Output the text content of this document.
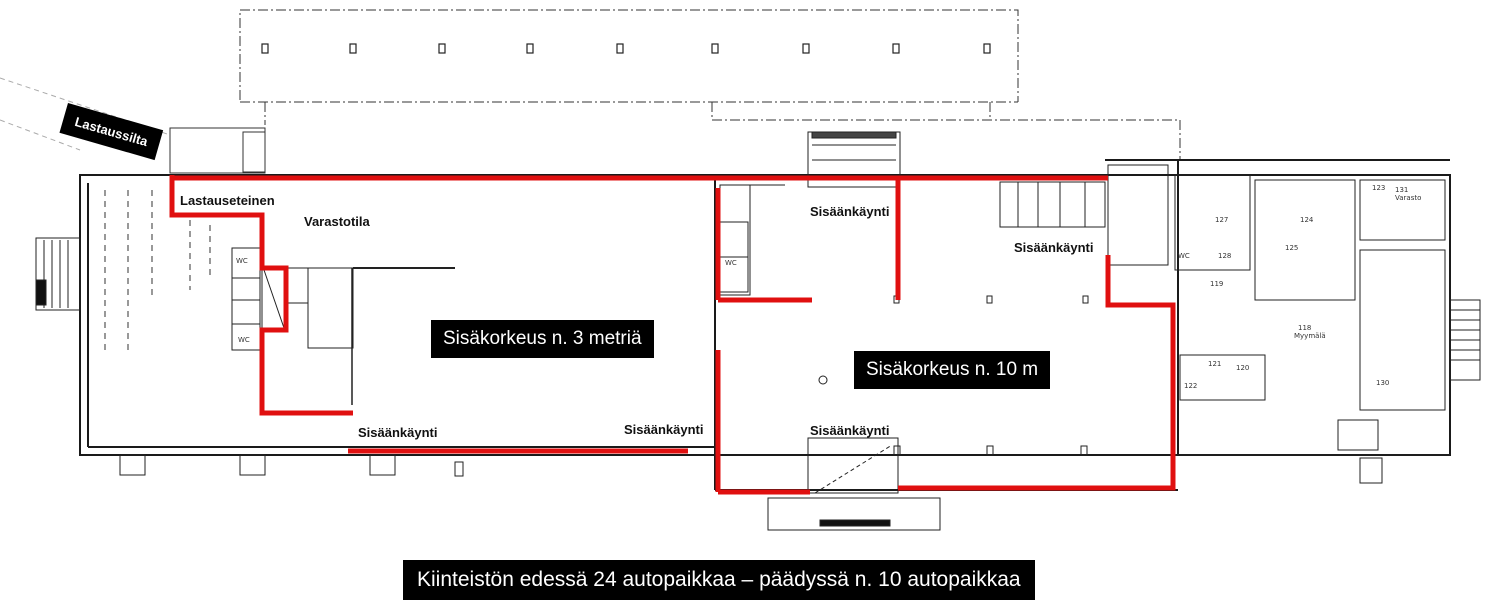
WC
WC
WC
WC
118
Myymälä
124
125
127
128
123 131
Varasto
120
121
122	130
119
Lastaussilta
Lastauseteinen
Varastotila
Sisäänkäynti
Sisäänkäynti
Sisäänkäynti	Sisäänkäynti	Sisäänkäynti
Sisäkorkeus n. 3 metriä
Sisäkorkeus n. 10 m
Kiinteistön edessä 24 autopaikkaa – päädyssä n. 10 autopaikkaa
